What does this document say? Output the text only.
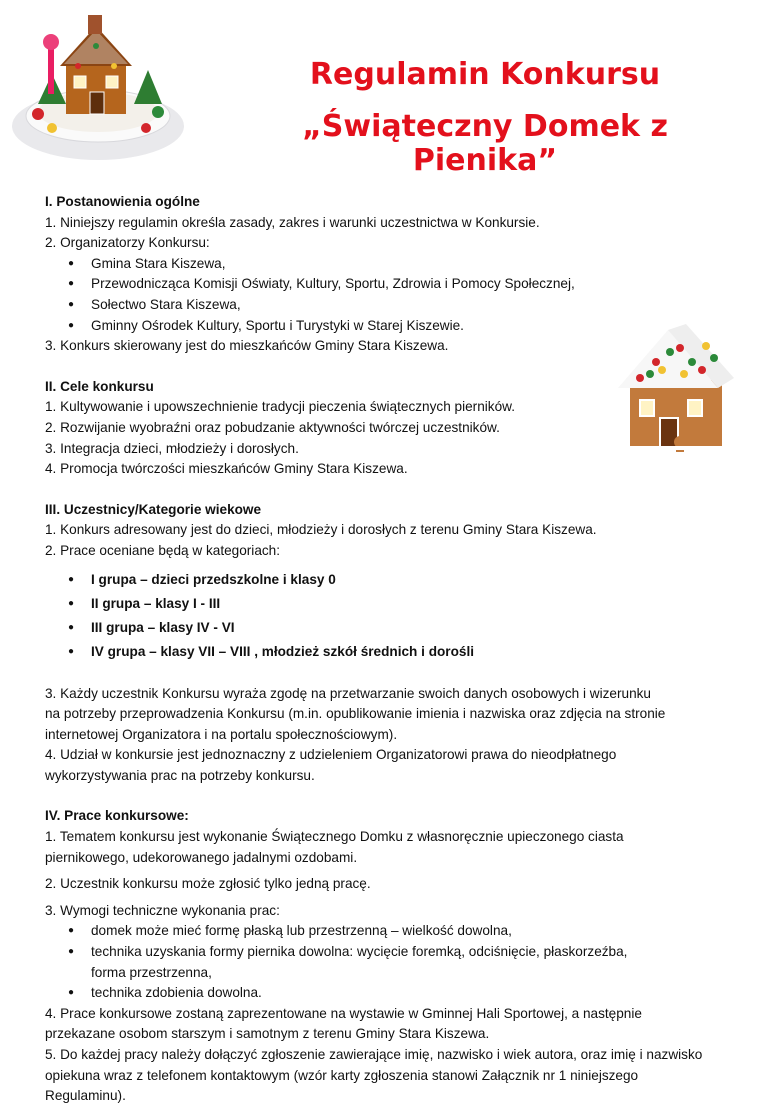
Regulamin Konkursu
„Świąteczny Domek z Pienika”
I. Postanowienia ogólne
1. Niniejszy regulamin określa zasady, zakres i warunki uczestnictwa w Konkursie.
2. Organizatorzy Konkursu:
● Gmina Stara Kiszewa,
● Przewodnicząca Komisji Oświaty, Kultury, Sportu, Zdrowia i Pomocy Społecznej,
● Sołectwo Stara Kiszewa,
● Gminny Ośrodek Kultury, Sportu i Turystyki w Starej Kiszewie.
3. Konkurs skierowany jest do mieszkańców Gminy Stara Kiszewa.
II. Cele konkursu
1. Kultywowanie i upowszechnienie tradycji pieczenia świątecznych pierników.
2. Rozwijanie wyobraźni oraz pobudzanie aktywności twórczej uczestników.
3. Integracja dzieci, młodzieży i dorosłych.
4. Promocja twórczości mieszkańców Gminy Stara Kiszewa.
III. Uczestnicy/Kategorie wiekowe
1. Konkurs adresowany jest do dzieci, młodzieży i dorosłych z terenu Gminy Stara Kiszewa.
2. Prace oceniane będą w kategoriach:
● I grupa – dzieci przedszkolne i klasy 0
● II grupa – klasy I - III
● III grupa – klasy IV - VI
● IV grupa – klasy VII – VIII , młodzież szkół średnich i dorośli
3. Każdy uczestnik Konkursu wyraża zgodę na przetwarzanie swoich danych osobowych i wizerunku
na potrzeby przeprowadzenia Konkursu (m.in. opublikowanie imienia i nazwiska oraz zdjęcia na stronie
internetowej Organizatora i na portalu społecznościowym).
4. Udział w konkursie jest jednoznaczny z udzieleniem Organizatorowi prawa do nieodpłatnego
wykorzystywania prac na potrzeby konkursu.
IV. Prace konkursowe:
1. Tematem konkursu jest wykonanie Świątecznego Domku z własnoręcznie upieczonego ciasta
piernikowego, udekorowanego jadalnymi ozdobami.
2. Uczestnik konkursu może zgłosić tylko jedną pracę.
3. Wymogi techniczne wykonania prac:
● domek może mieć formę płaską lub przestrzenną – wielkość dowolna,
● technika uzyskania formy piernika dowolna: wycięcie foremką, odciśnięcie, płaskorzeźba,
forma przestrzenna,
● technika zdobienia dowolna.
4. Prace konkursowe zostaną zaprezentowane na wystawie w Gminnej Hali Sportowej, a następnie
przekazane osobom starszym i samotnym z terenu Gminy Stara Kiszewa.
5. Do każdej pracy należy dołączyć zgłoszenie zawierające imię, nazwisko i wiek autora, oraz imię i nazwisko
opiekuna wraz z telefonem kontaktowym (wzór karty zgłoszenia stanowi Załącznik nr 1 niniejszego
Regulaminu).
